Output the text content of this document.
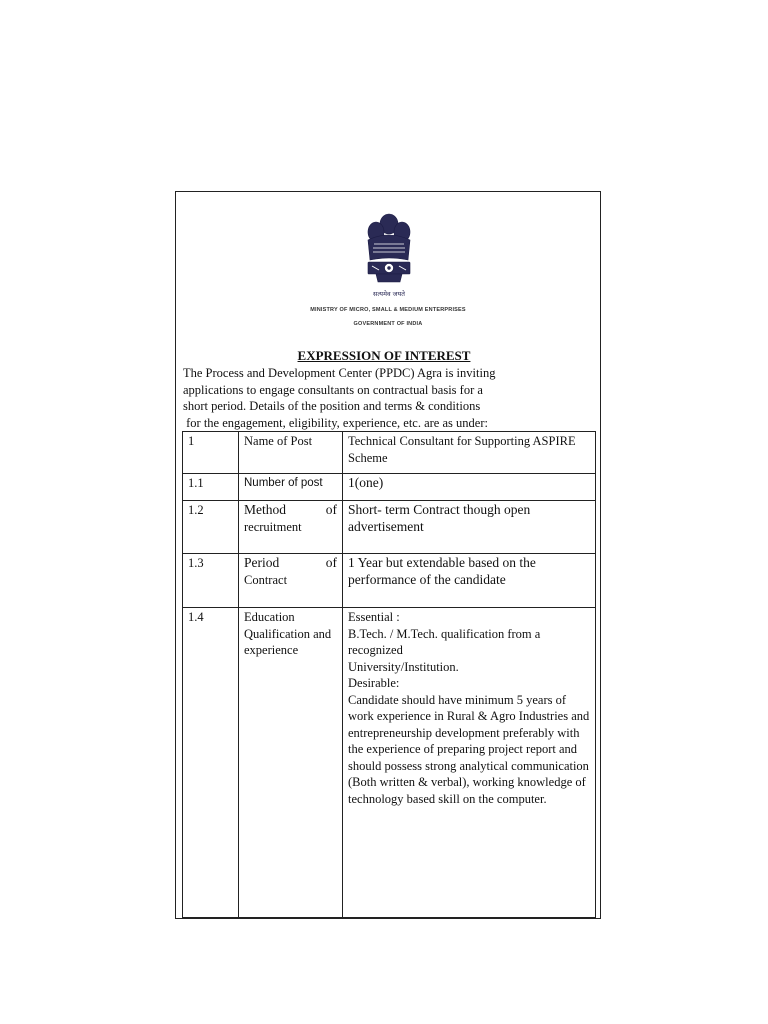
सत्यमेव जयते
MINISTRY OF MICRO, SMALL & MEDIUM ENTERPRISES
GOVERNMENT OF INDIA
EXPRESSION OF INTEREST
The Process and Development Center (PPDC) Agra is inviting
applications to engage consultants on contractual basis for a
short period. Details of the position and terms & conditions
for the engagement, eligibility, experience, etc. are as under:
1	Name of Post	Technical Consultant for Supporting ASPIRE Scheme
1.1	Number of post	1(one)
1.2	Method of
recruitment	Short- term Contract though open advertisement
1.3	Period of
Contract	1 Year but extendable based on the performance of the candidate
1.4	Education Qualification and experience	Essential :
B.Tech. / M.Tech. qualification from a recognized
University/Institution.
Desirable:
Candidate should have minimum 5 years of work experience in Rural & Agro Industries and entrepreneurship development preferably with the experience of preparing project report and should possess strong analytical communication (Both written & verbal), working knowledge of technology based skill on the computer.
